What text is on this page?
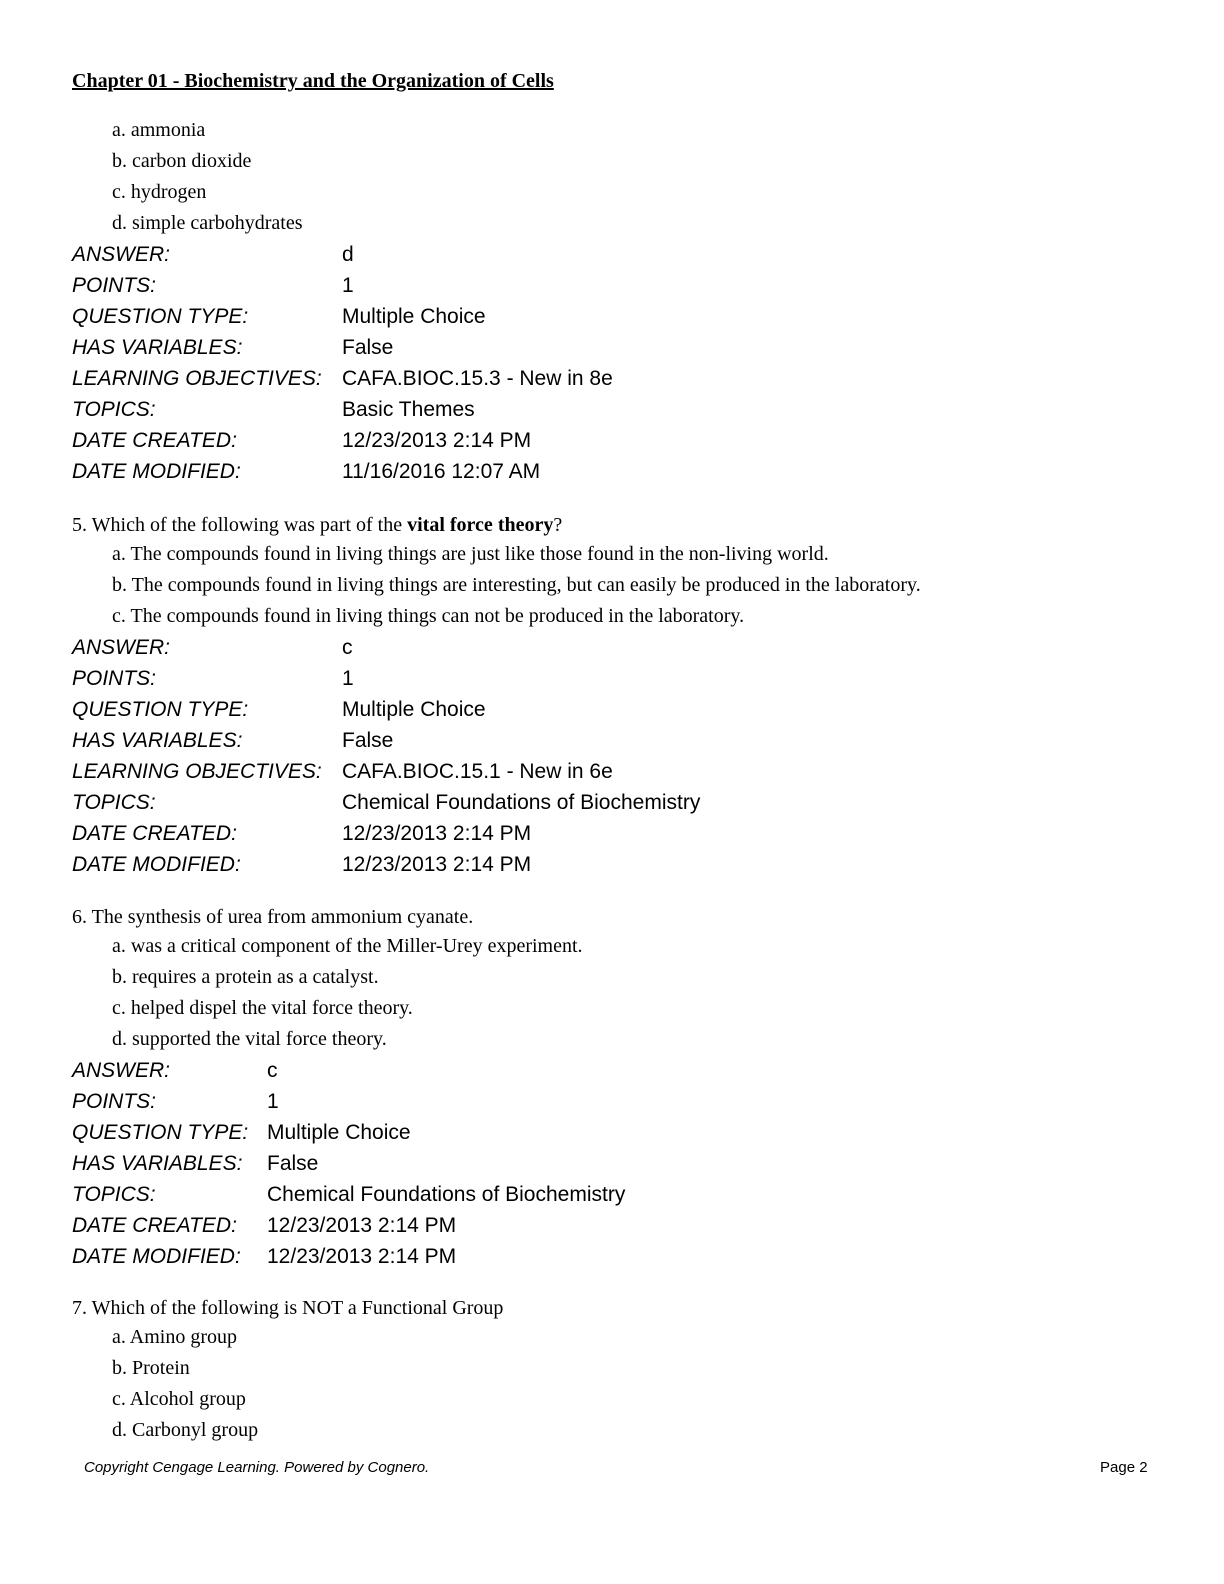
Chapter 01 - Biochemistry and the Organization of Cells
a. ammonia
b. carbon dioxide
c. hydrogen
d. simple carbohydrates
ANSWER:	d
POINTS:	1
QUESTION TYPE:	Multiple Choice
HAS VARIABLES:	False
LEARNING OBJECTIVES: CAFA.BIOC.15.3 - New in 8e
TOPICS:	Basic Themes
DATE CREATED:	12/23/2013 2:14 PM
DATE MODIFIED:	11/16/2016 12:07 AM
5. Which of the following was part of the vital force theory?
a. The compounds found in living things are just like those found in the non-living world.
b. The compounds found in living things are interesting, but can easily be produced in the laboratory.
c. The compounds found in living things can not be produced in the laboratory.
ANSWER:	c
POINTS:	1
QUESTION TYPE:	Multiple Choice
HAS VARIABLES:	False
LEARNING OBJECTIVES: CAFA.BIOC.15.1 - New in 6e
TOPICS:	Chemical Foundations of Biochemistry
DATE CREATED:	12/23/2013 2:14 PM
DATE MODIFIED:	12/23/2013 2:14 PM
6. The synthesis of urea from ammonium cyanate.
a. was a critical component of the Miller-Urey experiment.
b. requires a protein as a catalyst.
c. helped dispel the vital force theory.
d. supported the vital force theory.
ANSWER:	c
POINTS:	1
QUESTION TYPE: Multiple Choice
HAS VARIABLES:	False
TOPICS:	Chemical Foundations of Biochemistry
DATE CREATED:	12/23/2013 2:14 PM
DATE MODIFIED:	12/23/2013 2:14 PM
7. Which of the following is NOT a Functional Group
a. Amino group
b. Protein
c. Alcohol group
d. Carbonyl group
Copyright Cengage Learning. Powered by Cognero.	Page 2
